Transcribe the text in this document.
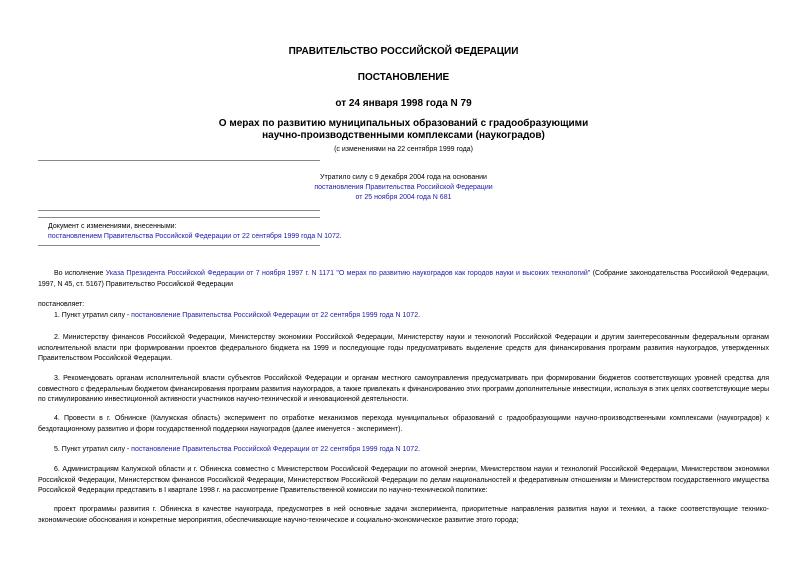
ПРАВИТЕЛЬСТВО РОССИЙСКОЙ ФЕДЕРАЦИИ
ПОСТАНОВЛЕНИЕ
от 24 января 1998 года N 79
О мерах по развитию муниципальных образований с градообразующими
научно-производственными комплексами (наукоградов)
(с изменениями на 22 сентября 1999 года)
Утратило силу с 9 декабря 2004 года на основании
постановления Правительства Российской Федерации
от 25 ноября 2004 года N 681
Документ с изменениями, внесенными:
постановлением Правительства Российской Федерации от 22 сентября 1999 года N 1072.
Во исполнение Указа Президента Российской Федерации от 7 ноября 1997 г. N 1171 "О мерах по развитию наукоградов как городов науки и высоких технологий" (Собрание законодательства Российской Федерации, 1997, N 45, ст. 5167) Правительство Российской Федерации
постановляет:
1. Пункт утратил силу - постановление Правительства Российской Федерации от 22 сентября 1999 года N 1072.
2. Министерству финансов Российской Федерации, Министерству экономики Российской Федерации, Министерству науки и технологий Российской Федерации и другим заинтересованным федеральным органам исполнительной власти при формировании проектов федерального бюджета на 1999 и последующие годы предусматривать выделение средств для финансирования программ развития наукоградов, утвержденных Правительством Российской Федерации.
3. Рекомендовать органам исполнительной власти субъектов Российской Федерации и органам местного самоуправления предусматривать при формировании бюджетов соответствующих уровней средства для совместного с федеральным бюджетом финансирования программ развития наукоградов, а также привлекать к финансированию этих программ дополнительные инвестиции, используя в этих целях соответствующие меры по стимулированию инвестиционной активности участников научно-технической и инновационной деятельности.
4. Провести в г. Обнинске (Калужская область) эксперимент по отработке механизмов перехода муниципальных образований с градообразующими научно-производственными комплексами (наукоградов) к бездотационному развитию и форм государственной поддержки наукоградов (далее именуется - эксперимент).
5. Пункт утратил силу - постановление Правительства Российской Федерации от 22 сентября 1999 года N 1072.
6. Администрациям Калужской области и г. Обнинска совместно с Министерством Российской Федерации по атомной энергии, Министерством науки и технологий Российской Федерации, Министерством экономики Российской Федерации, Министерством финансов Российской Федерации, Министерством Российской Федерации по делам национальностей и федеративным отношениям и Министерством государственного имущества Российской Федерации представить в I квартале 1998 г. на рассмотрение Правительственной комиссии по научно-технической политике:
проект программы развития г. Обнинска в качестве наукограда, предусмотрев в ней основные задачи эксперимента, приоритетные направления развития науки и техники, а также соответствующие технико-экономические обоснования и конкретные мероприятия, обеспечивающие научно-техническое и социально-экономическое развитие этого города;
